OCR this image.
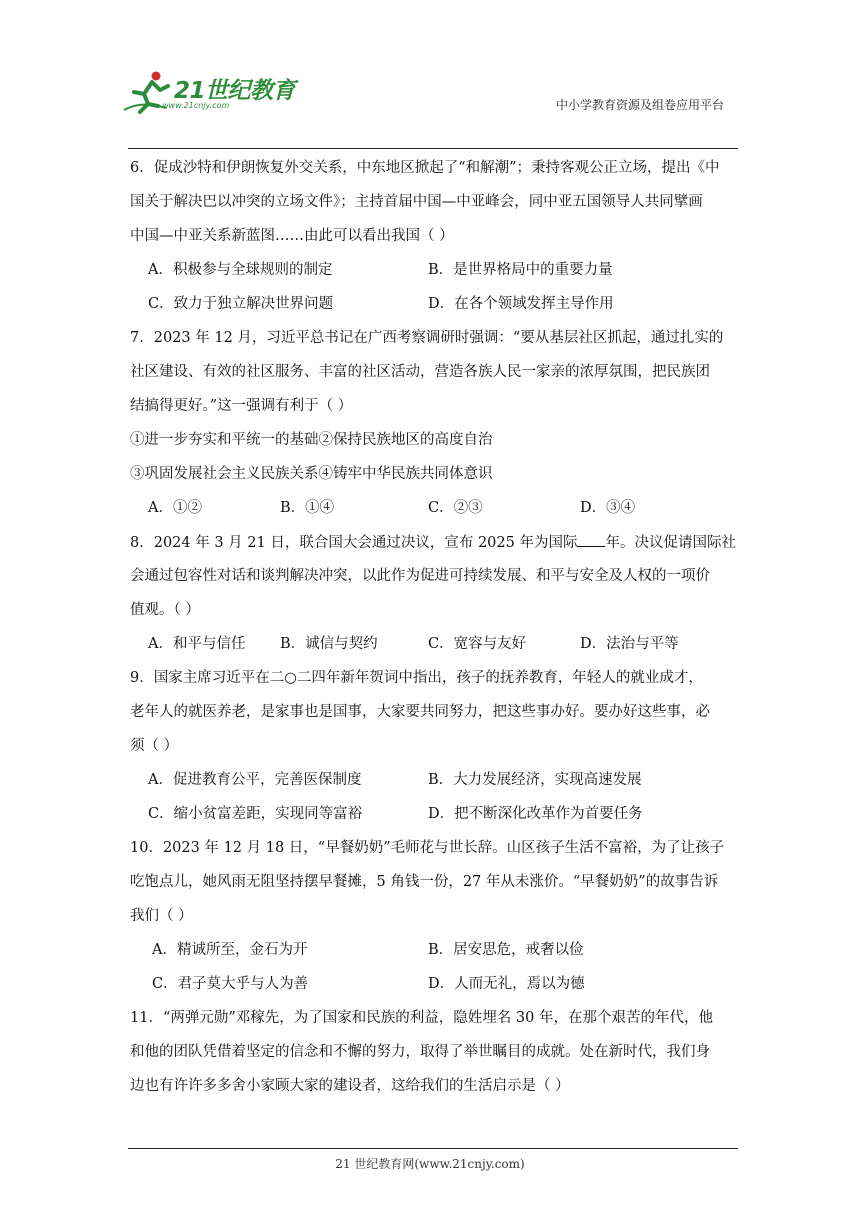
21世纪教育
www.21cnjy.com	中小学教育资源及组卷应用平台
6．促成沙特和伊朗恢复外交关系，中东地区掀起了“和解潮”；秉持客观公正立场，提出《中
国关于解决巴以冲突的立场文件》；主持首届中国—中亚峰会，同中亚五国领导人共同擘画
中国—中亚关系新蓝图……由此可以看出我国（ ）
A．积极参与全球规则的制定	B．是世界格局中的重要力量
C．致力于独立解决世界问题	D．在各个领域发挥主导作用
7．2023 年 12 月，习近平总书记在广西考察调研时强调：“要从基层社区抓起，通过扎实的
社区建设、有效的社区服务、丰富的社区活动，营造各族人民一家亲的浓厚氛围，把民族团
结搞得更好。”这一强调有利于（ ）
①进一步夯实和平统一的基础②保持民族地区的高度自治
③巩固发展社会主义民族关系④铸牢中华民族共同体意识
A．①②	B．①④	C．②③	D．③④
8．2024 年 3 月 21 日，联合国大会通过决议，宣布 2025 年为国际 年。决议促请国际社
会通过包容性对话和谈判解决冲突，以此作为促进可持续发展、和平与安全及人权的一项价
值观。（ ）
A．和平与信任 B．诚信与契约	C．宽容与友好	D．法治与平等
9．国家主席习近平在二○二四年新年贺词中指出，孩子的抚养教育，年轻人的就业成才，
老年人的就医养老，是家事也是国事，大家要共同努力，把这些事办好。要办好这些事，必
须（ ）
A．促进教育公平，完善医保制度	B．大力发展经济，实现高速发展
C．缩小贫富差距，实现同等富裕	D．把不断深化改革作为首要任务
10．2023 年 12 月 18 日，“早餐奶奶”毛师花与世长辞。山区孩子生活不富裕，为了让孩子
吃饱点儿，她风雨无阻坚持摆早餐摊，5 角钱一份，27 年从未涨价。“早餐奶奶”的故事告诉
我们（ ）
A．精诚所至，金石为开	B．居安思危，戒奢以俭
C．君子莫大乎与人为善	D．人而无礼，焉以为德
11．“两弹元勋”邓稼先，为了国家和民族的利益，隐姓埋名 30 年，在那个艰苦的年代，他
和他的团队凭借着坚定的信念和不懈的努力，取得了举世瞩目的成就。处在新时代，我们身
边也有许许多多舍小家顾大家的建设者，这给我们的生活启示是（ ）
21 世纪教育网(www.21cnjy.com)
